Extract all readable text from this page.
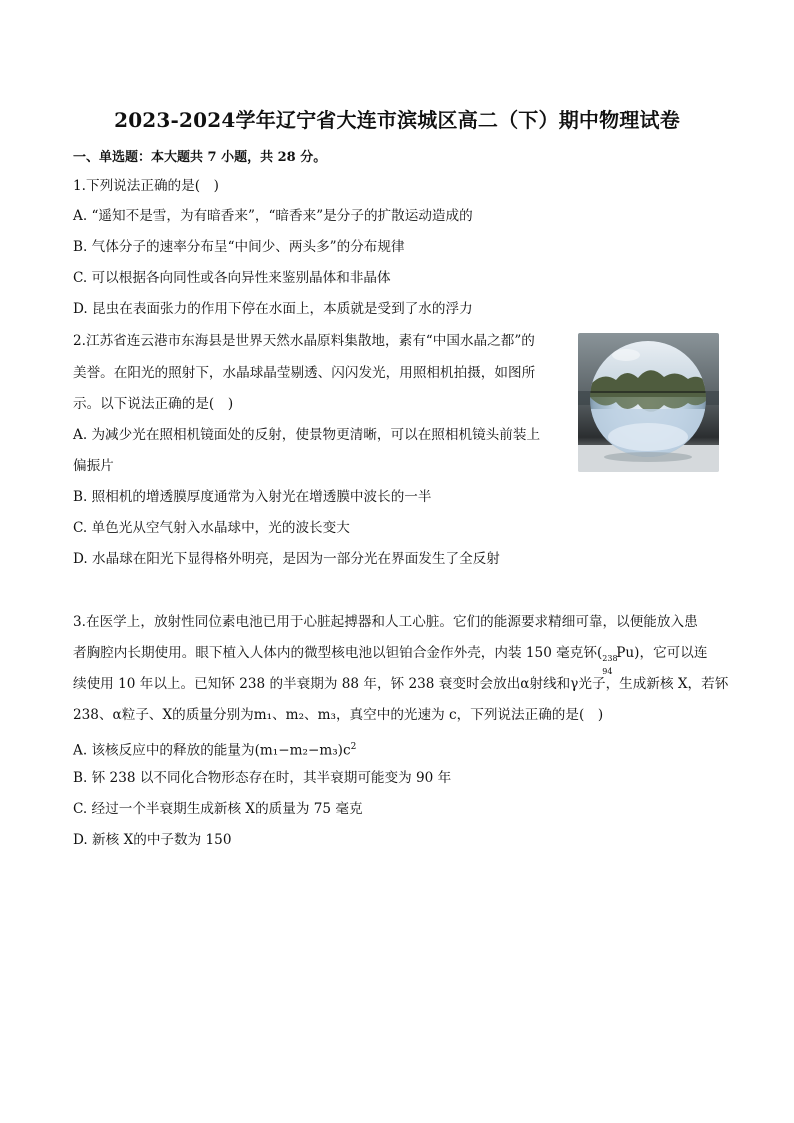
2023-2024学年辽宁省大连市滨城区高二（下）期中物理试卷
一、单选题：本大题共 7 小题，共 28 分。
1.下列说法正确的是(　)
A. “遥知不是雪，为有暗香来”，“暗香来”是分子的扩散运动造成的
B. 气体分子的速率分布呈“中间少、两头多”的分布规律
C. 可以根据各向同性或各向异性来鉴别晶体和非晶体
D. 昆虫在表面张力的作用下停在水面上，本质就是受到了水的浮力
2.江苏省连云港市东海县是世界天然水晶原料集散地，素有“中国水晶之都”的
美誉。在阳光的照射下，水晶球晶莹剔透、闪闪发光，用照相机拍摄，如图所
示。以下说法正确的是(　)
A. 为减少光在照相机镜面处的反射，使景物更清晰，可以在照相机镜头前装上
偏振片
B. 照相机的增透膜厚度通常为入射光在增透膜中波长的一半
C. 单色光从空气射入水晶球中，光的波长变大
D. 水晶球在阳光下显得格外明亮，是因为一部分光在界面发生了全反射
3.在医学上，放射性同位素电池已用于心脏起搏器和人工心脏。它们的能源要求精细可靠，以便能放入患
者胸腔内长期使用。眼下植入人体内的微型核电池以钽铂合金作外壳，内装 150 毫克钚( 238
94
Pu)，它可以连
续使用 10 年以上。已知钚 238 的半衰期为 88 年，钚 238 衰变时会放出α射线和γ光子，生成新核 X，若钚
238、α粒子、X的质量分别为m₁、m₂、m₃，真空中的光速为 c，下列说法正确的是(　)
A. 该核反应中的释放的能量为$(m_1-m_2-m_3)c^2$
B. 钚 238 以不同化合物形态存在时，其半衰期可能变为 90 年
C. 经过一个半衰期生成新核 X的质量为 75 毫克
D. 新核 X的中子数为 150
